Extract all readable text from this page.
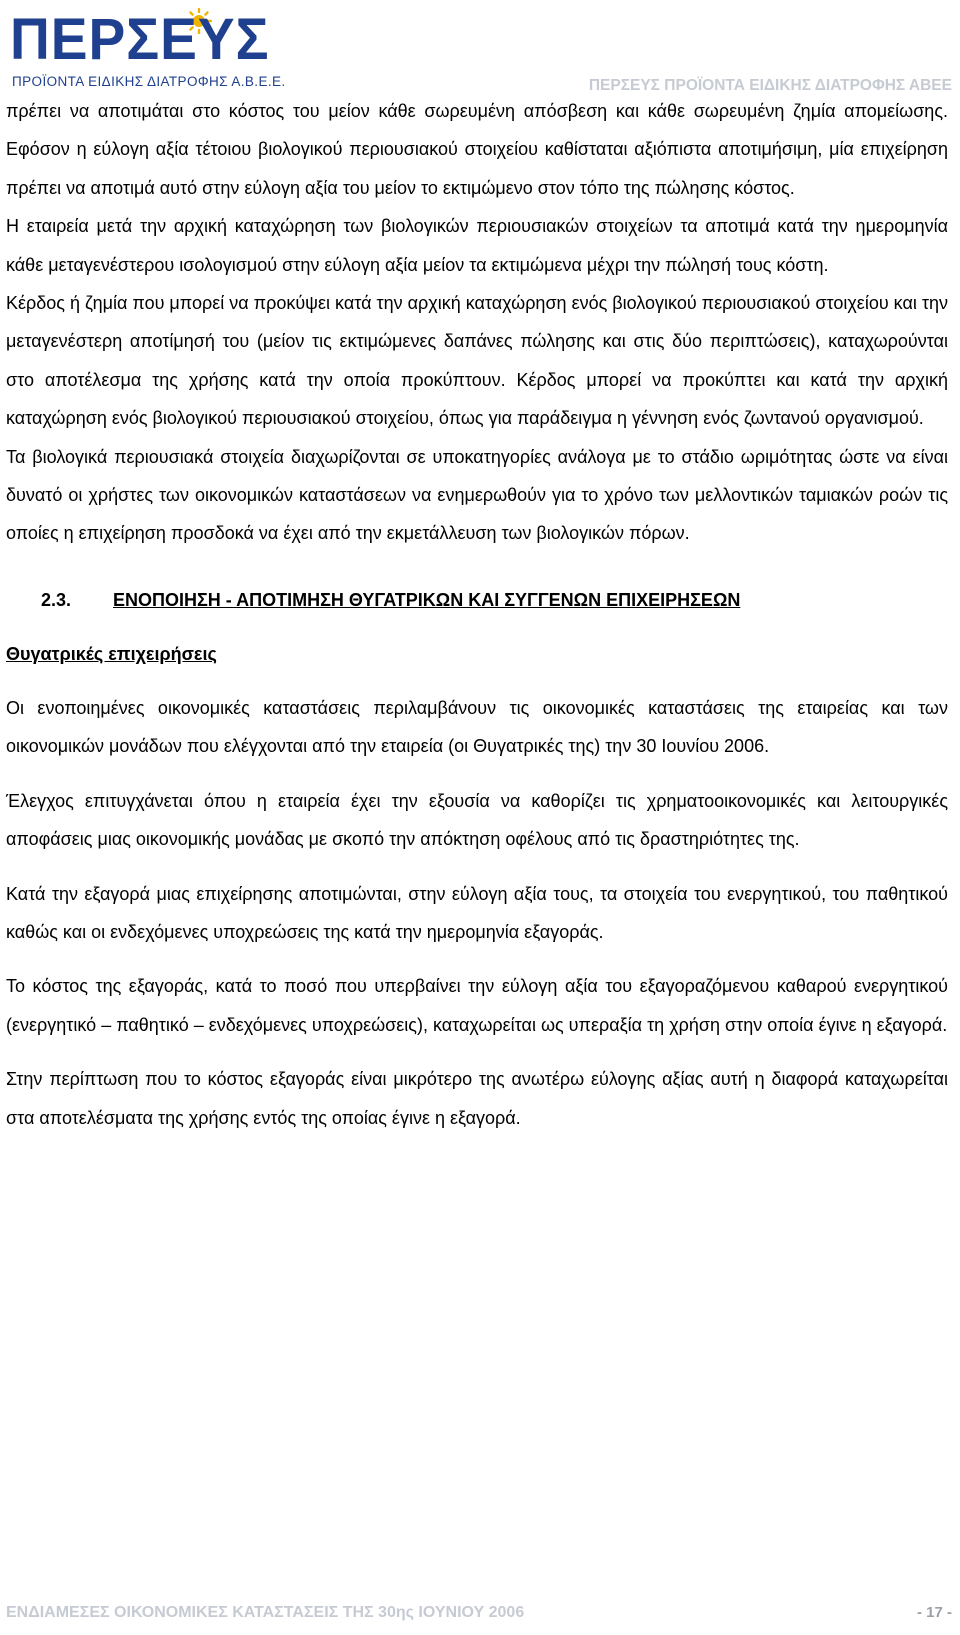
ΠΕΡΣΕΥΣ
ΠΡΟΪΟΝΤΑ ΕΙΔΙΚΗΣ ΔΙΑΤΡΟΦΗΣ Α.Β.Ε.Ε.	ΠΕΡΣΕΥΣ ΠΡΟΪΟΝΤΑ ΕΙΔΙΚΗΣ ΔΙΑΤΡΟΦΗΣ ΑΒΕΕ

πρέπει να αποτιμάται στο κόστος του μείον κάθε σωρευμένη απόσβεση και κάθε σωρευμένη ζημία απομείωσης. Εφόσον η εύλογη αξία τέτοιου βιολογικού περιουσιακού στοιχείου καθίσταται αξιόπιστα αποτιμήσιμη, μία επιχείρηση πρέπει να αποτιμά αυτό στην εύλογη αξία του μείον το εκτιμώμενο στον τόπο της πώλησης κόστος.

Η εταιρεία μετά την αρχική καταχώρηση των βιολογικών περιουσιακών στοιχείων τα αποτιμά κατά την ημερομηνία κάθε μεταγενέστερου ισολογισμού στην εύλογη αξία μείον τα εκτιμώμενα μέχρι την πώλησή τους κόστη.

Κέρδος ή ζημία που μπορεί να προκύψει κατά την αρχική καταχώρηση ενός βιολογικού περιουσιακού στοιχείου και την μεταγενέστερη αποτίμησή του (μείον τις εκτιμώμενες δαπάνες πώλησης και στις δύο περιπτώσεις), καταχωρούνται στο αποτέλεσμα της χρήσης κατά την οποία προκύπτουν. Κέρδος μπορεί να προκύπτει και κατά την αρχική καταχώρηση ενός βιολογικού περιουσιακού στοιχείου, όπως για παράδειγμα η γέννηση ενός ζωντανού οργανισμού.

Τα βιολογικά περιουσιακά στοιχεία διαχωρίζονται σε υποκατηγορίες ανάλογα με το στάδιο ωριμότητας ώστε να είναι δυνατό οι χρήστες των οικονομικών καταστάσεων να ενημερωθούν για το χρόνο των μελλοντικών ταμιακών ροών τις οποίες η επιχείρηση προσδοκά να έχει από την εκμετάλλευση των βιολογικών πόρων.

2.3. ΕΝΟΠΟΙΗΣΗ - ΑΠΟΤΙΜΗΣΗ ΘΥΓΑΤΡΙΚΩΝ ΚΑΙ ΣΥΓΓΕΝΩΝ ΕΠΙΧΕΙΡΗΣΕΩΝ

Θυγατρικές επιχειρήσεις

Οι ενοποιημένες οικονομικές καταστάσεις περιλαμβάνουν τις οικονομικές καταστάσεις της εταιρείας και των οικονομικών μονάδων που ελέγχονται από την εταιρεία (οι Θυγατρικές της) την 30 Ιουνίου 2006.

Έλεγχος επιτυγχάνεται όπου η εταιρεία έχει την εξουσία να καθορίζει τις χρηματοοικονομικές και λειτουργικές αποφάσεις μιας οικονομικής μονάδας με σκοπό την απόκτηση οφέλους από τις δραστηριότητες της.

Κατά την εξαγορά μιας επιχείρησης αποτιμώνται, στην εύλογη αξία τους, τα στοιχεία του ενεργητικού, του παθητικού καθώς και οι ενδεχόμενες υποχρεώσεις της κατά την ημερομηνία εξαγοράς.

Το κόστος της εξαγοράς, κατά το ποσό που υπερβαίνει την εύλογη αξία του εξαγοραζόμενου καθαρού ενεργητικού (ενεργητικό – παθητικό – ενδεχόμενες υποχρεώσεις), καταχωρείται ως υπεραξία τη χρήση στην οποία έγινε η εξαγορά.

Στην περίπτωση που το κόστος εξαγοράς είναι μικρότερο της ανωτέρω εύλογης αξίας αυτή η διαφορά καταχωρείται στα αποτελέσματα της χρήσης εντός της οποίας έγινε η εξαγορά.

ΕΝΔΙΑΜΕΣΕΣ ΟΙΚΟΝΟΜΙΚΕΣ ΚΑΤΑΣΤΑΣΕΙΣ ΤΗΣ 30ης ΙΟΥΝΙΟΥ 2006	- 17 -
